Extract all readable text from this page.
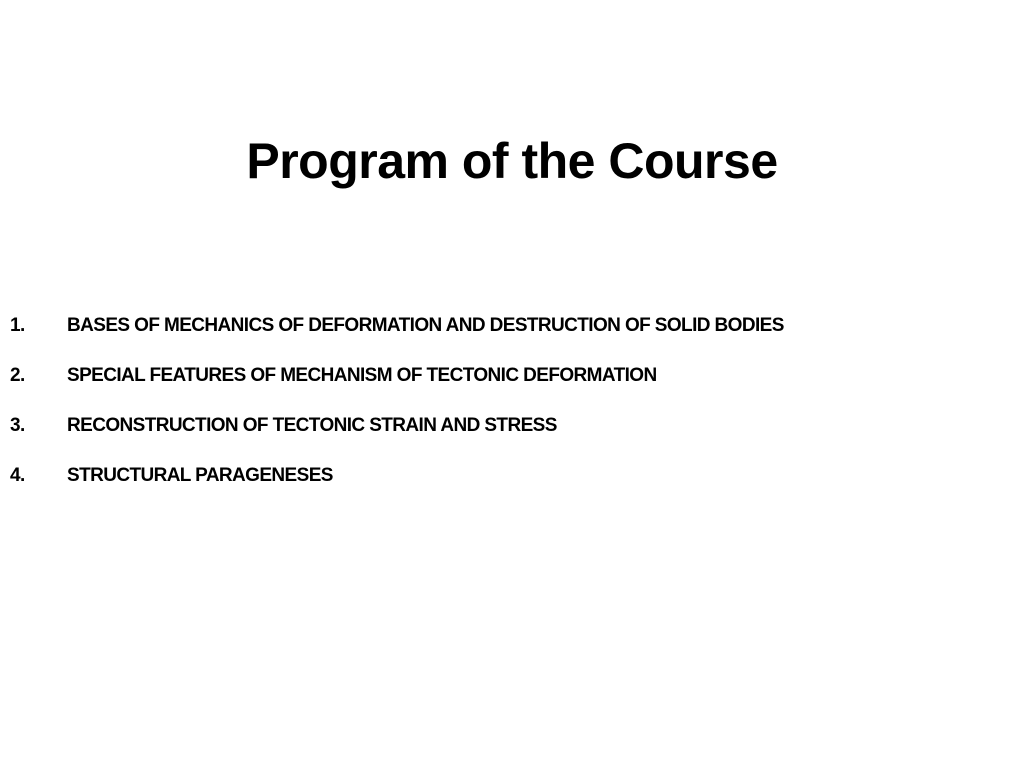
Program of the Course
1. BASES OF MECHANICS OF DEFORMATION AND DESTRUCTION OF SOLID BODIES
2. SPECIAL FEATURES OF MECHANISM OF TECTONIC DEFORMATION
3. RECONSTRUCTION OF TECTONIC STRAIN AND STRESS
4. STRUCTURAL PARAGENESES
